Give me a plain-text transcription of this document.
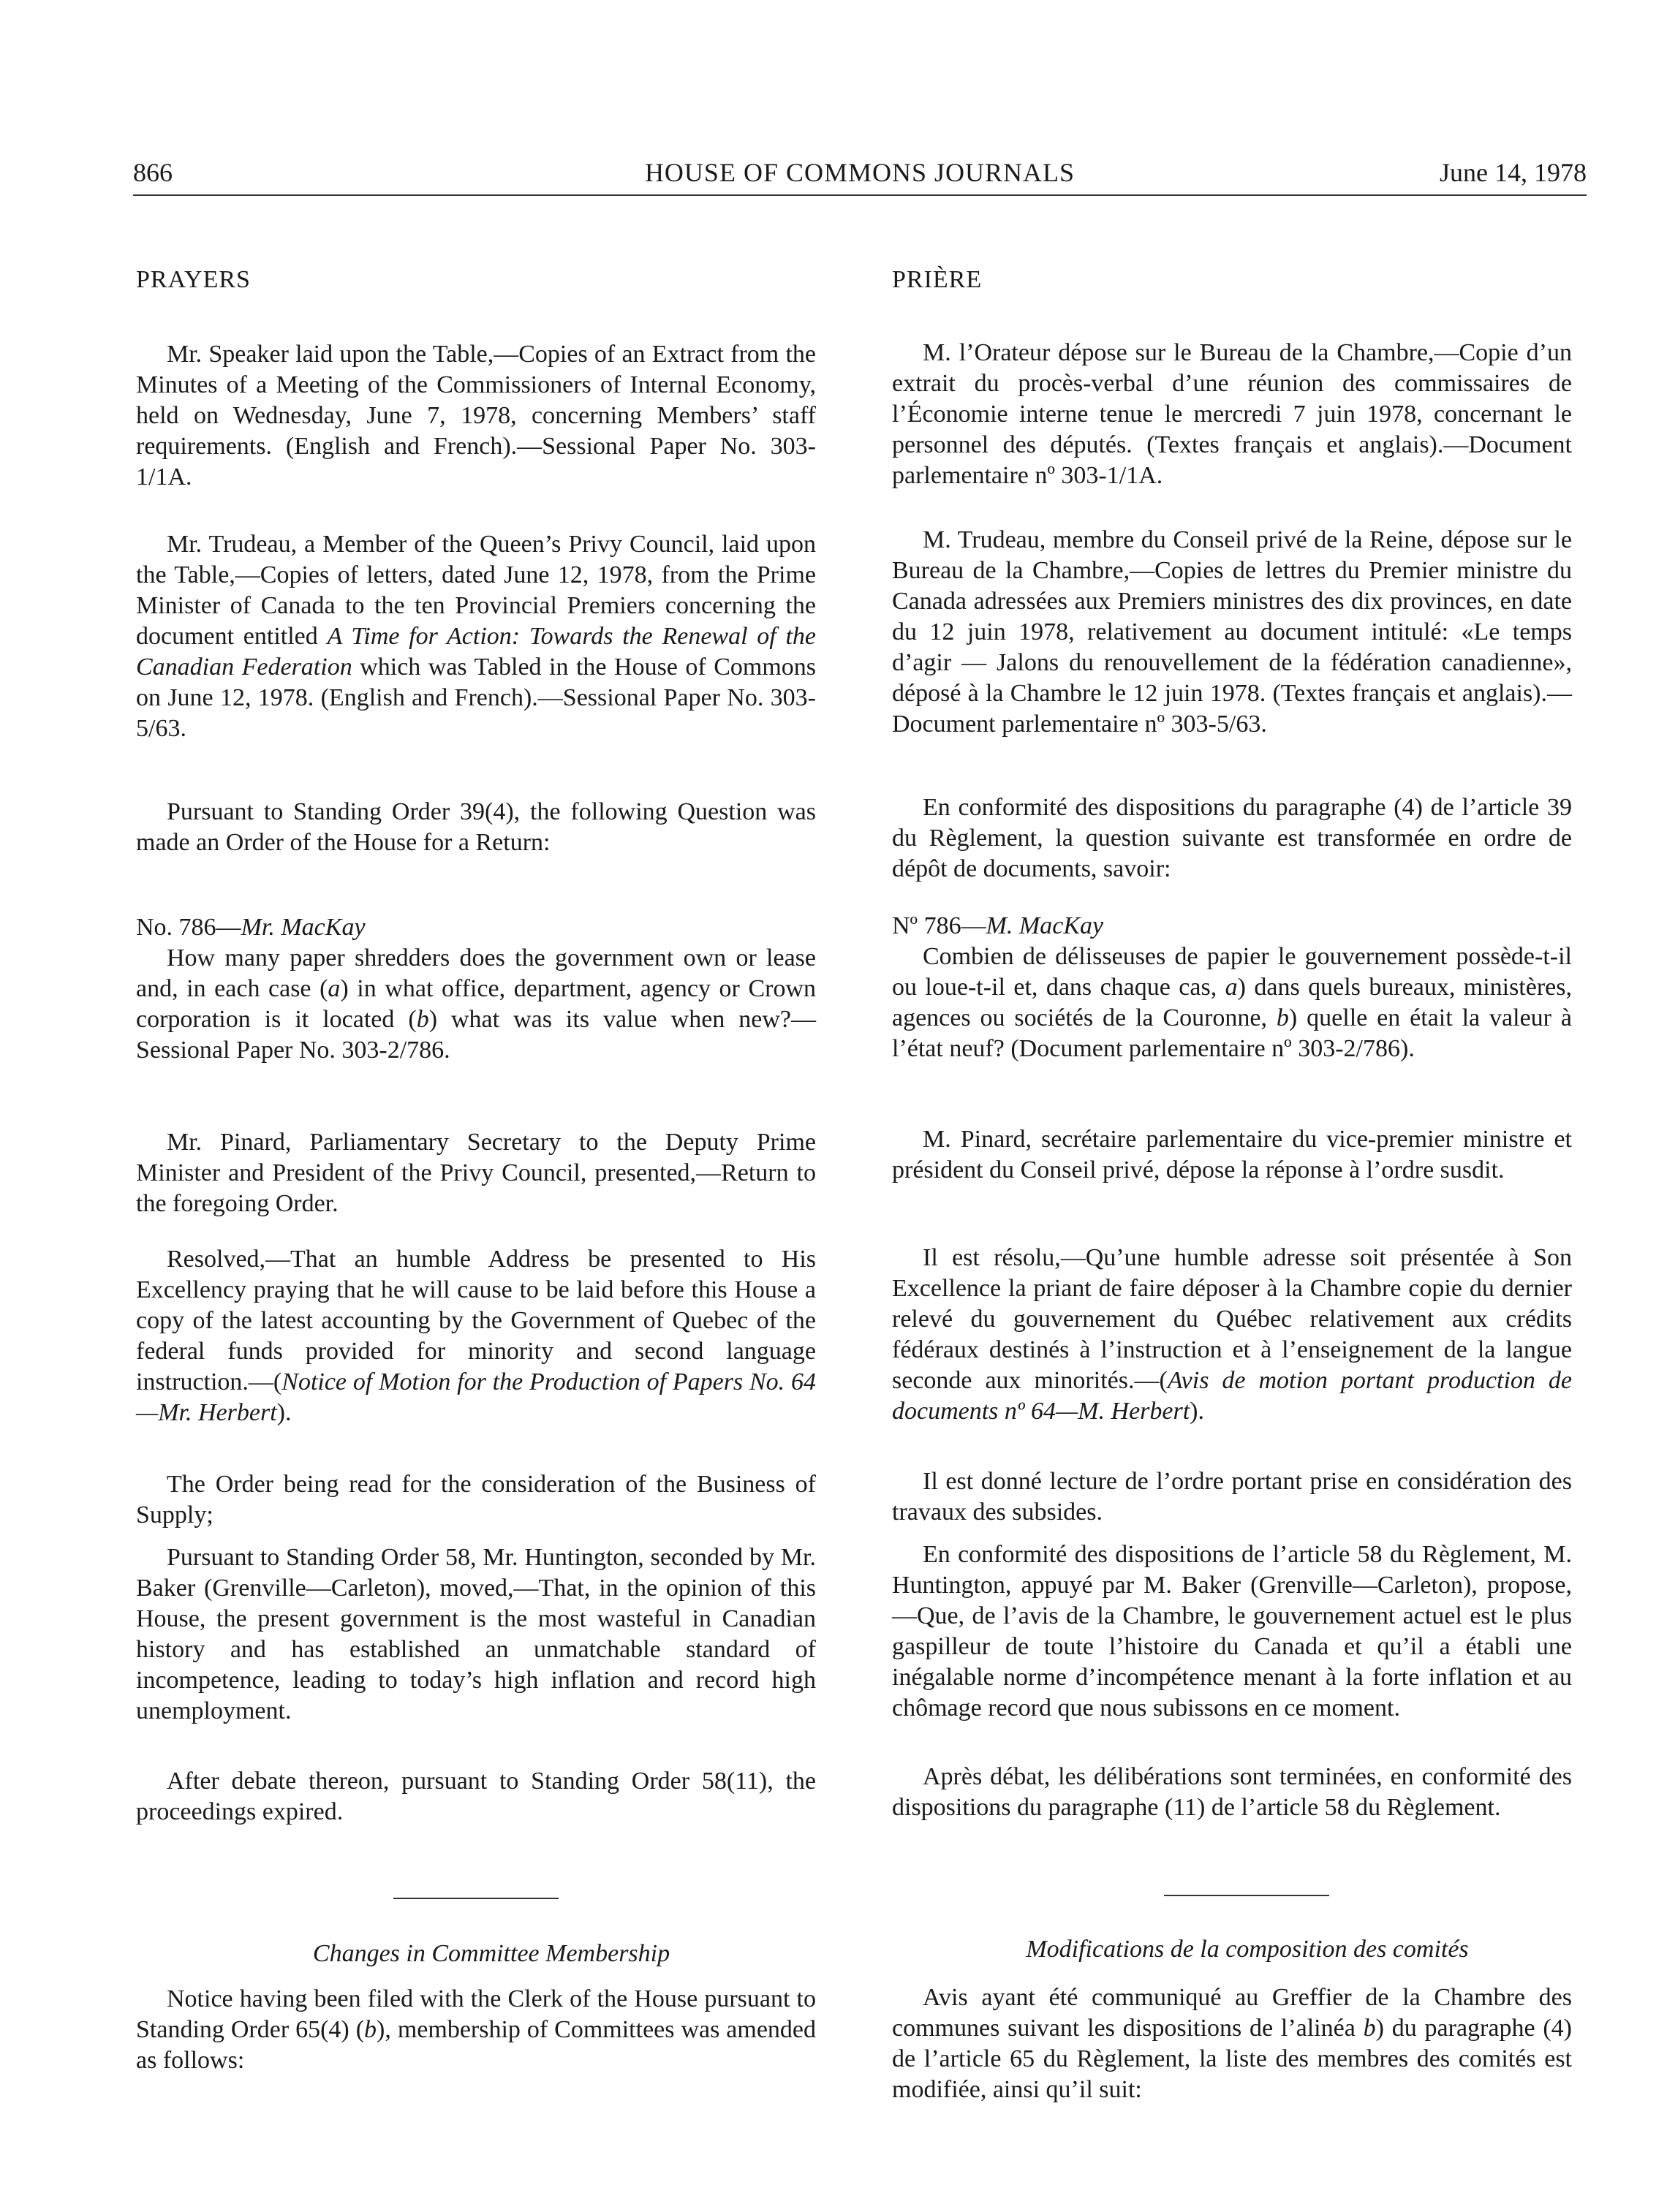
866	HOUSE OF COMMONS JOURNALS	June 14, 1978

PRAYERS

Mr. Speaker laid upon the Table,—Copies of an Extract from the Minutes of a Meeting of the Commissioners of Internal Economy, held on Wednesday, June 7, 1978, concerning Members’ staff requirements. (English and French).—Sessional Paper No. 303-1/1A.

Mr. Trudeau, a Member of the Queen’s Privy Council, laid upon the Table,—Copies of letters, dated June 12, 1978, from the Prime Minister of Canada to the ten Provincial Premiers concerning the document entitled A Time for Action: Towards the Renewal of the Canadian Federation which was Tabled in the House of Commons on June 12, 1978. (English and French).—Sessional Paper No. 303-5/63.

Pursuant to Standing Order 39(4), the following Question was made an Order of the House for a Return:

No. 786—Mr. MacKay

How many paper shredders does the government own or lease and, in each case (a) in what office, department, agency or Crown corporation is it located (b) what was its value when new?—Sessional Paper No. 303-2/786.

Mr. Pinard, Parliamentary Secretary to the Deputy Prime Minister and President of the Privy Council, presented,—Return to the foregoing Order.

Resolved,—That an humble Address be presented to His Excellency praying that he will cause to be laid before this House a copy of the latest accounting by the Government of Quebec of the federal funds provided for minority and second language instruction.—(Notice of Motion for the Production of Papers No. 64—Mr. Herbert).

The Order being read for the consideration of the Business of Supply;

Pursuant to Standing Order 58, Mr. Huntington, seconded by Mr. Baker (Grenville—Carleton), moved,—That, in the opinion of this House, the present government is the most wasteful in Canadian history and has established an unmatchable standard of incompetence, leading to today’s high inflation and record high unemployment.

After debate thereon, pursuant to Standing Order 58(11), the proceedings expired.

Changes in Committee Membership

Notice having been filed with the Clerk of the House pursuant to Standing Order 65(4) (b), membership of Committees was amended as follows:

PRIÈRE

M. l’Orateur dépose sur le Bureau de la Chambre,—Copie d’un extrait du procès-verbal d’une réunion des commissaires de l’Économie interne tenue le mercredi 7 juin 1978, concernant le personnel des députés. (Textes français et anglais).—Document parlementaire nº 303-1/1A.

M. Trudeau, membre du Conseil privé de la Reine, dépose sur le Bureau de la Chambre,—Copies de lettres du Premier ministre du Canada adressées aux Premiers ministres des dix provinces, en date du 12 juin 1978, relativement au document intitulé: «Le temps d’agir — Jalons du renouvellement de la fédération canadienne», déposé à la Chambre le 12 juin 1978. (Textes français et anglais).—Document parlementaire nº 303-5/63.

En conformité des dispositions du paragraphe (4) de l’article 39 du Règlement, la question suivante est transformée en ordre de dépôt de documents, savoir:

Nº 786—M. MacKay

Combien de délisseuses de papier le gouvernement possède-t-il ou loue-t-il et, dans chaque cas, a) dans quels bureaux, ministères, agences ou sociétés de la Couronne, b) quelle en était la valeur à l’état neuf? (Document parlementaire nº 303-2/786).

M. Pinard, secrétaire parlementaire du vice-premier ministre et président du Conseil privé, dépose la réponse à l’ordre susdit.

Il est résolu,—Qu’une humble adresse soit présentée à Son Excellence la priant de faire déposer à la Chambre copie du dernier relevé du gouvernement du Québec relativement aux crédits fédéraux destinés à l’instruction et à l’enseignement de la langue seconde aux minorités.—(Avis de motion portant production de documents nº 64—M. Herbert).

Il est donné lecture de l’ordre portant prise en considération des travaux des subsides.

En conformité des dispositions de l’article 58 du Règlement, M. Huntington, appuyé par M. Baker (Grenville—Carleton), propose,—Que, de l’avis de la Chambre, le gouvernement actuel est le plus gaspilleur de toute l’histoire du Canada et qu’il a établi une inégalable norme d’incompétence menant à la forte inflation et au chômage record que nous subissons en ce moment.

Après débat, les délibérations sont terminées, en conformité des dispositions du paragraphe (11) de l’article 58 du Règlement.

Modifications de la composition des comités

Avis ayant été communiqué au Greffier de la Chambre des communes suivant les dispositions de l’alinéa b) du paragraphe (4) de l’article 65 du Règlement, la liste des membres des comités est modifiée, ainsi qu’il suit:
